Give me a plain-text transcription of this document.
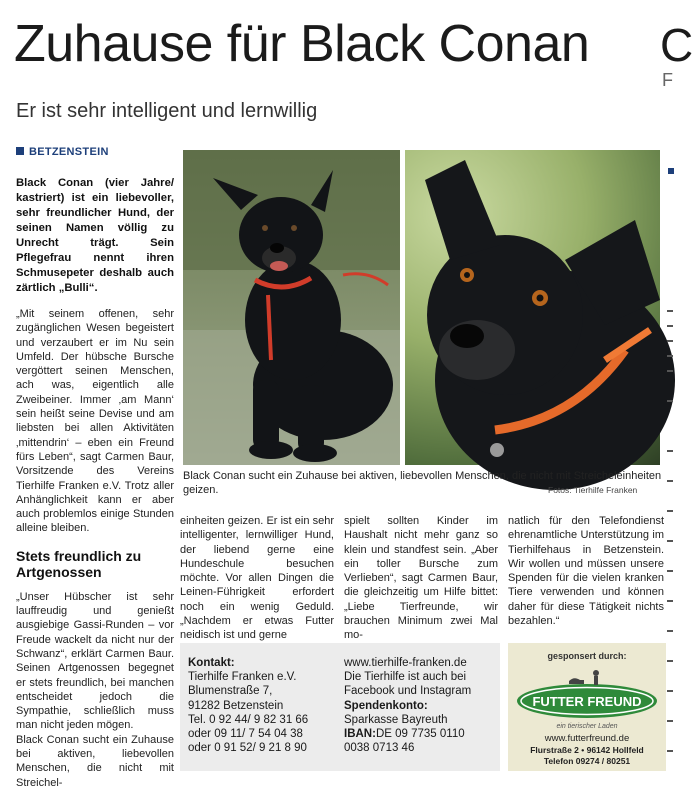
Zuhause für Black Conan	C
Er ist sehr intelligent und lernwillig
F
BETZENSTEIN

Black Conan (vier Jahre/ kastriert) ist ein liebevoller, sehr freundlicher Hund, der seinen Namen völlig zu Unrecht trägt. Sein Pflegefrau nennt ihren Schmusepeter deshalb auch zärtlich „Bulli“.

„Mit seinem offenen, sehr zugänglichen Wesen begeistert und verzaubert er im Nu sein Umfeld. Der hübsche Bursche vergöttert seinen Menschen, ach was, eigentlich alle Zweibeiner. Immer ‚am Mann‘ sein heißt seine Devise und am liebsten bei allen Aktivitäten ‚mittendrin‘ – eben ein Freund fürs Leben“, sagt Carmen Baur, Vorsitzende des Vereins Tierhilfe Franken e.V. Trotz aller Anhänglichkeit kann er aber auch problemlos einige Stunden alleine bleiben.

Stets freundlich zu Artgenossen

„Unser Hübscher ist sehr lauffreudig und genießt ausgiebige Gassi-Runden – vor Freude wackelt da nicht nur der Schwanz“, erklärt Carmen Baur. Seinen Artgenossen begegnet er stets freundlich, bei manchen entscheidet jedoch die Sympathie, schließlich muss man nicht jeden mögen.

Black Conan sucht ein Zuhause bei aktiven, liebevollen Menschen, die nicht mit Streichel-

Black Conan sucht ein Zuhause bei aktiven, liebevollen Menschen, die nicht mit Streicheleinheiten geizen.	Fotos: Tierhilfe Franken

einheiten geizen. Er ist ein sehr intelligenter, lernwilliger Hund, der liebend gerne eine Hundeschule besuchen möchte. Vor allen Dingen die Leinen-Führigkeit erfordert noch ein wenig Geduld. „Nachdem er etwas Futter neidisch ist und gerne

spielt sollten Kinder im Haushalt nicht mehr ganz so klein und standfest sein. „Aber ein toller Bursche zum Verlieben“, sagt Carmen Baur, die gleichzeitig um Hilfe bittet: „Liebe Tierfreunde, wir brauchen Minimum zwei Mal mo-

natlich für den Telefondienst ehrenamtliche Unterstützung im Tierhilfehaus in Betzenstein. Wir wollen und müssen unsere Spenden für die vielen kranken Tiere verwenden und können daher für diese Tätigkeit nichts bezahlen.“

Kontakt:
Tierhilfe Franken e.V.
Blumenstraße 7,
91282 Betzenstein
Tel. 0 92 44/ 9 82 31 66
oder 09 11/ 7 54 04 38
oder 0 91 52/ 9 21 8 90
www.tierhilfe-franken.de
Die Tierhilfe ist auch bei
Facebook und Instagram
Spendenkonto:
Sparkasse Bayreuth
IBAN:DE 09 7735 0110
0038 0713 46
gesponsert durch:
FUTTER FREUND
ein tierischer Laden
www.futterfreund.de
Flurstraße 2 • 96142 Hollfeld
Telefon 09274 / 80251
